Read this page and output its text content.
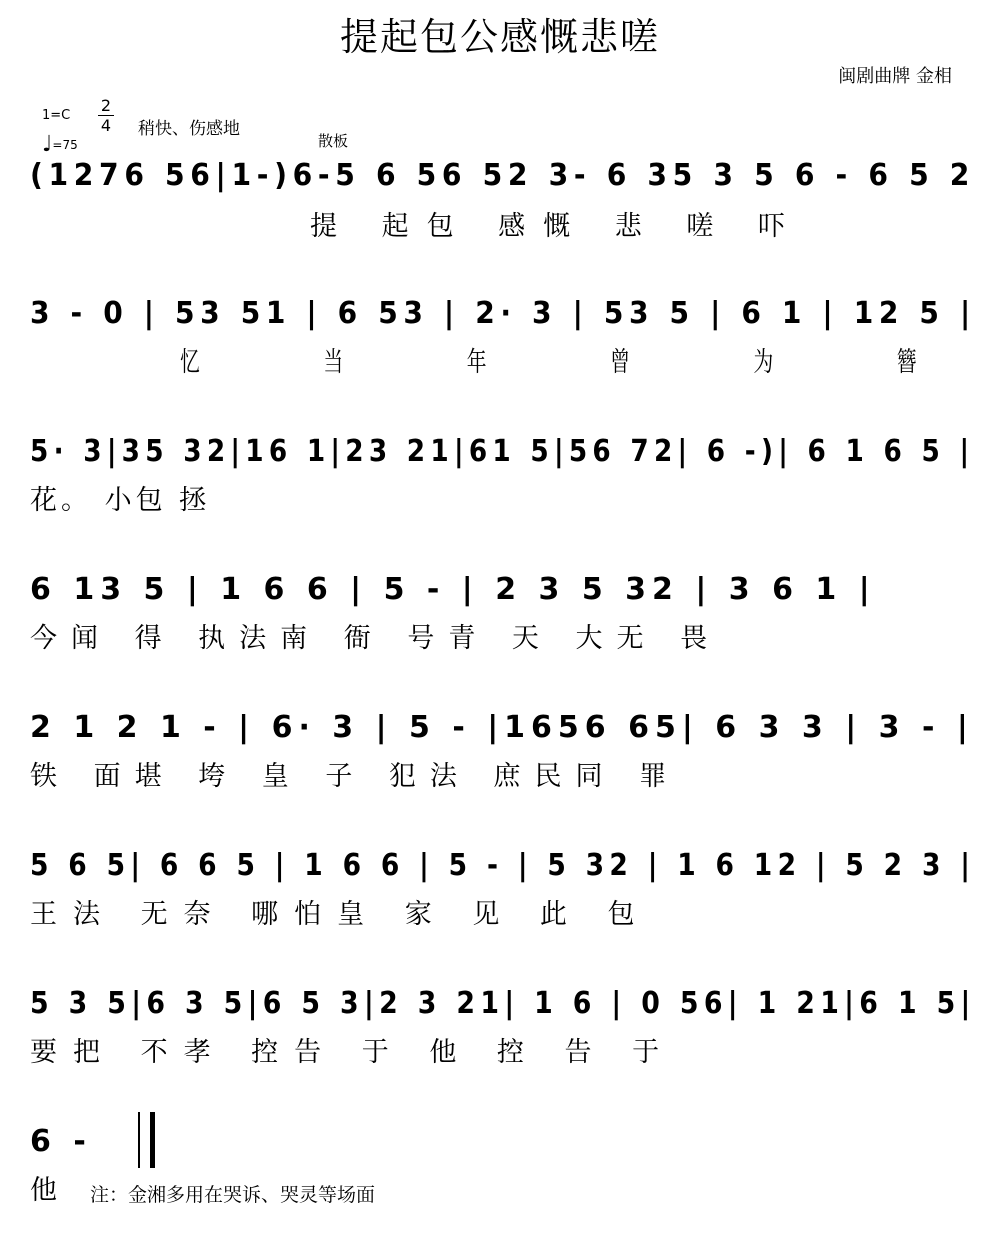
提起包公感慨悲嗟
闽剧曲牌 金相
1=C
2
4 稍快、伤感地
♩=75	散板
(1276 56|1-)6-5 6 56 52 3- 6 35 3 5 6 - 6 5 2
提 起包 感慨 悲 嗟 吓
3 - 0 | 53 51 | 6 53 | 2· 3 | 53 5 | 6 1 | 12 5 |
忆 当 年 曾 为 簪
5· 3|35 32|16 1|23 21|61 5|56 72| 6 -)| 6 1 6 5 |
花。 小包 拯
6 13 5 | 1 6 6 | 5 - | 2 3 5 32 | 3 6 1 |
今闻 得 执法南 衙 号青 天 大无 畏
2 1 2 1 - | 6· 3 | 5 - |1656 65| 6 3 3 | 3 - |
铁 面堪 垮 皇 子 犯法 庶民同 罪
5 6 5| 6 6 5 | 1 6 6 | 5 - | 5 32 | 1 6 12 | 5 2 3 |
王法 无奈 哪怕皇 家 见 此 包
5 3 5|6 3 5|6 5 3|2 3 21| 1 6 | 0 56| 1 21|6 1 5|
要把 不孝 控告 于 他 控 告 于
6 -
他 注：金湘多用在哭诉、哭灵等场面
